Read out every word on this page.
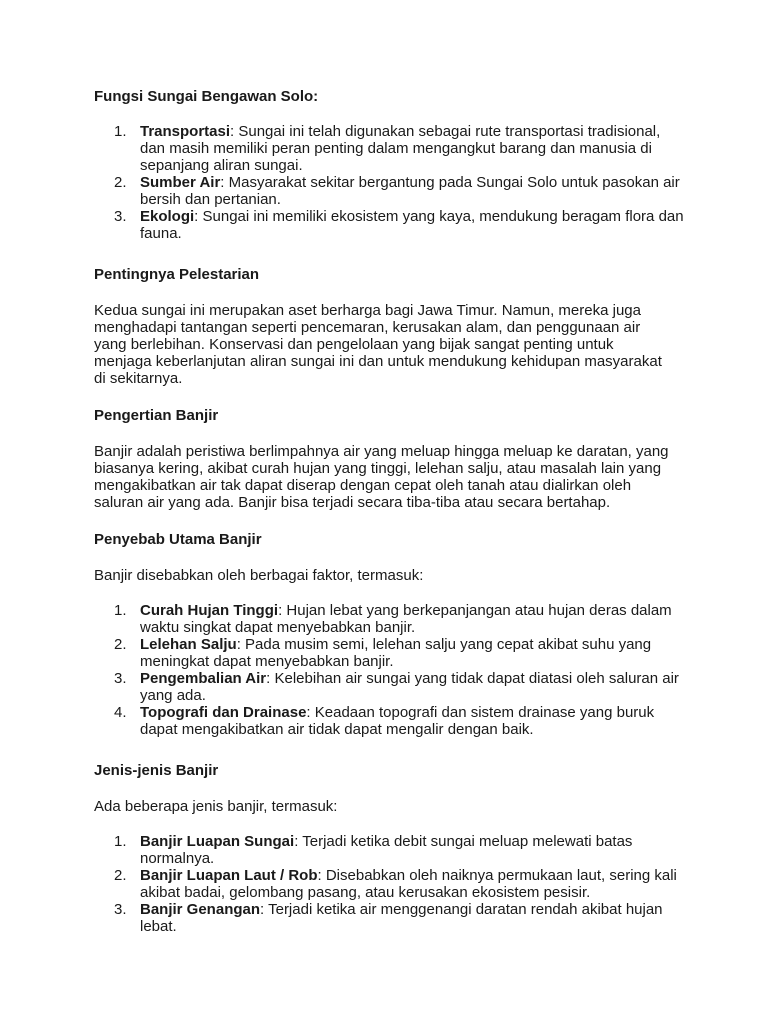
Fungsi Sungai Bengawan Solo:

1. Transportasi: Sungai ini telah digunakan sebagai rute transportasi tradisional, dan masih memiliki peran penting dalam mengangkut barang dan manusia di sepanjang aliran sungai.
2. Sumber Air: Masyarakat sekitar bergantung pada Sungai Solo untuk pasokan air bersih dan pertanian.
3. Ekologi: Sungai ini memiliki ekosistem yang kaya, mendukung beragam flora dan fauna.

Pentingnya Pelestarian

Kedua sungai ini merupakan aset berharga bagi Jawa Timur. Namun, mereka juga menghadapi tantangan seperti pencemaran, kerusakan alam, dan penggunaan air yang berlebihan. Konservasi dan pengelolaan yang bijak sangat penting untuk menjaga keberlanjutan aliran sungai ini dan untuk mendukung kehidupan masyarakat di sekitarnya.

Pengertian Banjir

Banjir adalah peristiwa berlimpahnya air yang meluap hingga meluap ke daratan, yang biasanya kering, akibat curah hujan yang tinggi, lelehan salju, atau masalah lain yang mengakibatkan air tak dapat diserap dengan cepat oleh tanah atau dialirkan oleh saluran air yang ada. Banjir bisa terjadi secara tiba-tiba atau secara bertahap.

Penyebab Utama Banjir

Banjir disebabkan oleh berbagai faktor, termasuk:

1. Curah Hujan Tinggi: Hujan lebat yang berkepanjangan atau hujan deras dalam waktu singkat dapat menyebabkan banjir.
2. Lelehan Salju: Pada musim semi, lelehan salju yang cepat akibat suhu yang meningkat dapat menyebabkan banjir.
3. Pengembalian Air: Kelebihan air sungai yang tidak dapat diatasi oleh saluran air yang ada.
4. Topografi dan Drainase: Keadaan topografi dan sistem drainase yang buruk dapat mengakibatkan air tidak dapat mengalir dengan baik.

Jenis-jenis Banjir

Ada beberapa jenis banjir, termasuk:

1. Banjir Luapan Sungai: Terjadi ketika debit sungai meluap melewati batas normalnya.
2. Banjir Luapan Laut / Rob: Disebabkan oleh naiknya permukaan laut, sering kali akibat badai, gelombang pasang, atau kerusakan ekosistem pesisir.
3. Banjir Genangan: Terjadi ketika air menggenangi daratan rendah akibat hujan lebat.
